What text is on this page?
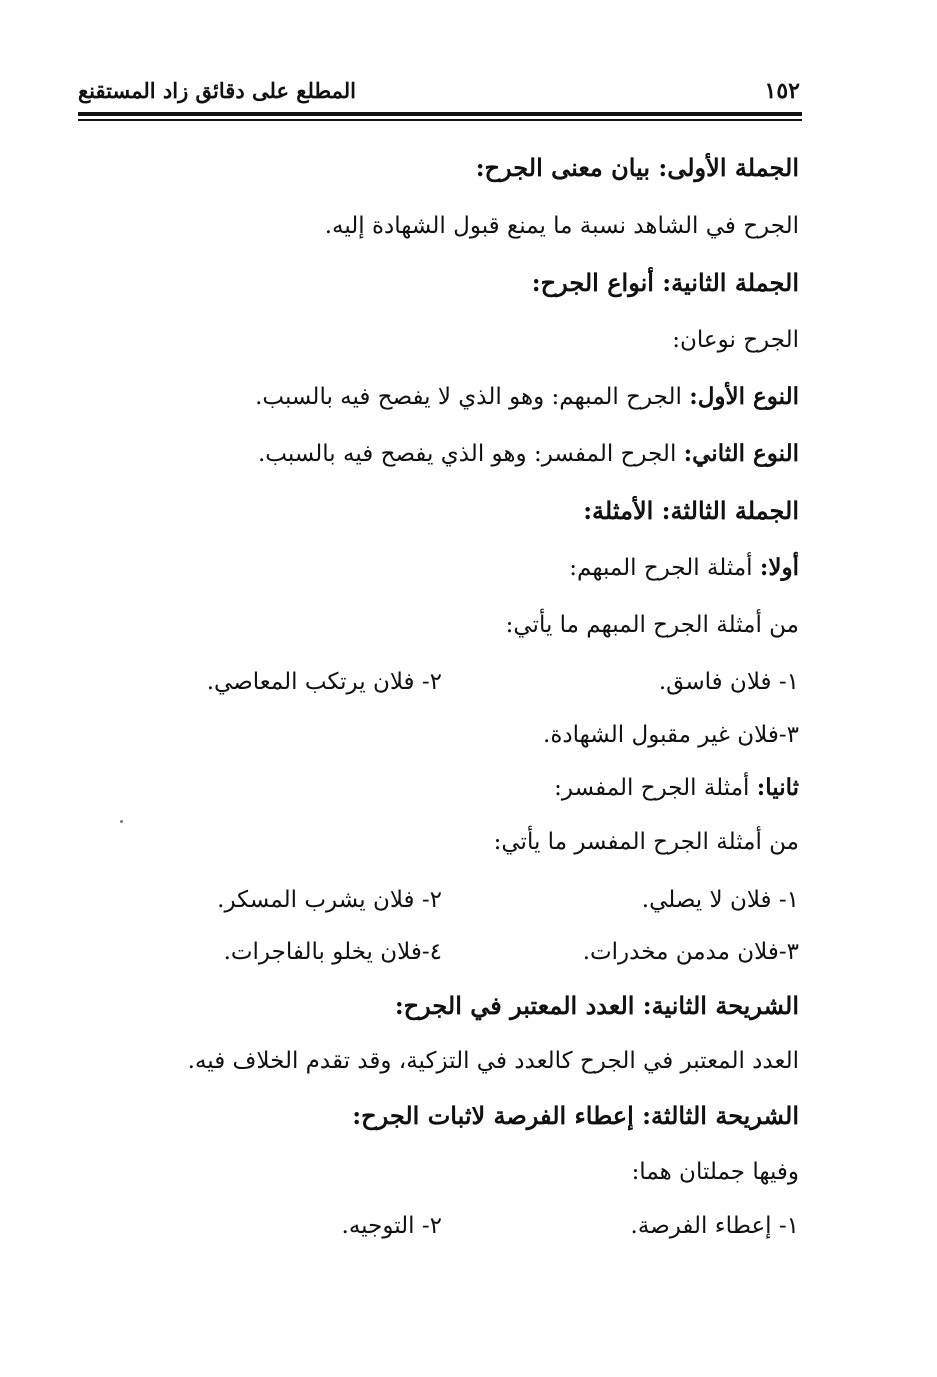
المطلع على دقائق زاد المستقنع	١٥٢
الجملة الأولى: بيان معنى الجرح:
الجرح في الشاهد نسبة ما يمنع قبول الشهادة إليه.
الجملة الثانية: أنواع الجرح:
الجرح نوعان:
النوع الأول: الجرح المبهم: وهو الذي لا يفصح فيه بالسبب.
النوع الثاني: الجرح المفسر: وهو الذي يفصح فيه بالسبب.
الجملة الثالثة: الأمثلة:
أولا: أمثلة الجرح المبهم:
من أمثلة الجرح المبهم ما يأتي:
١- فلان فاسق.
٢- فلان يرتكب المعاصي.
٣-فلان غير مقبول الشهادة.
ثانيا: أمثلة الجرح المفسر:
من أمثلة الجرح المفسر ما يأتي:
١- فلان لا يصلي.
٢- فلان يشرب المسكر.
٣-فلان مدمن مخدرات.
٤-فلان يخلو بالفاجرات.
الشريحة الثانية: العدد المعتبر في الجرح:
العدد المعتبر في الجرح كالعدد في التزكية، وقد تقدم الخلاف فيه.
الشريحة الثالثة: إعطاء الفرصة لاثبات الجرح:
وفيها جملتان هما:
١- إعطاء الفرصة.
٢- التوجيه.
